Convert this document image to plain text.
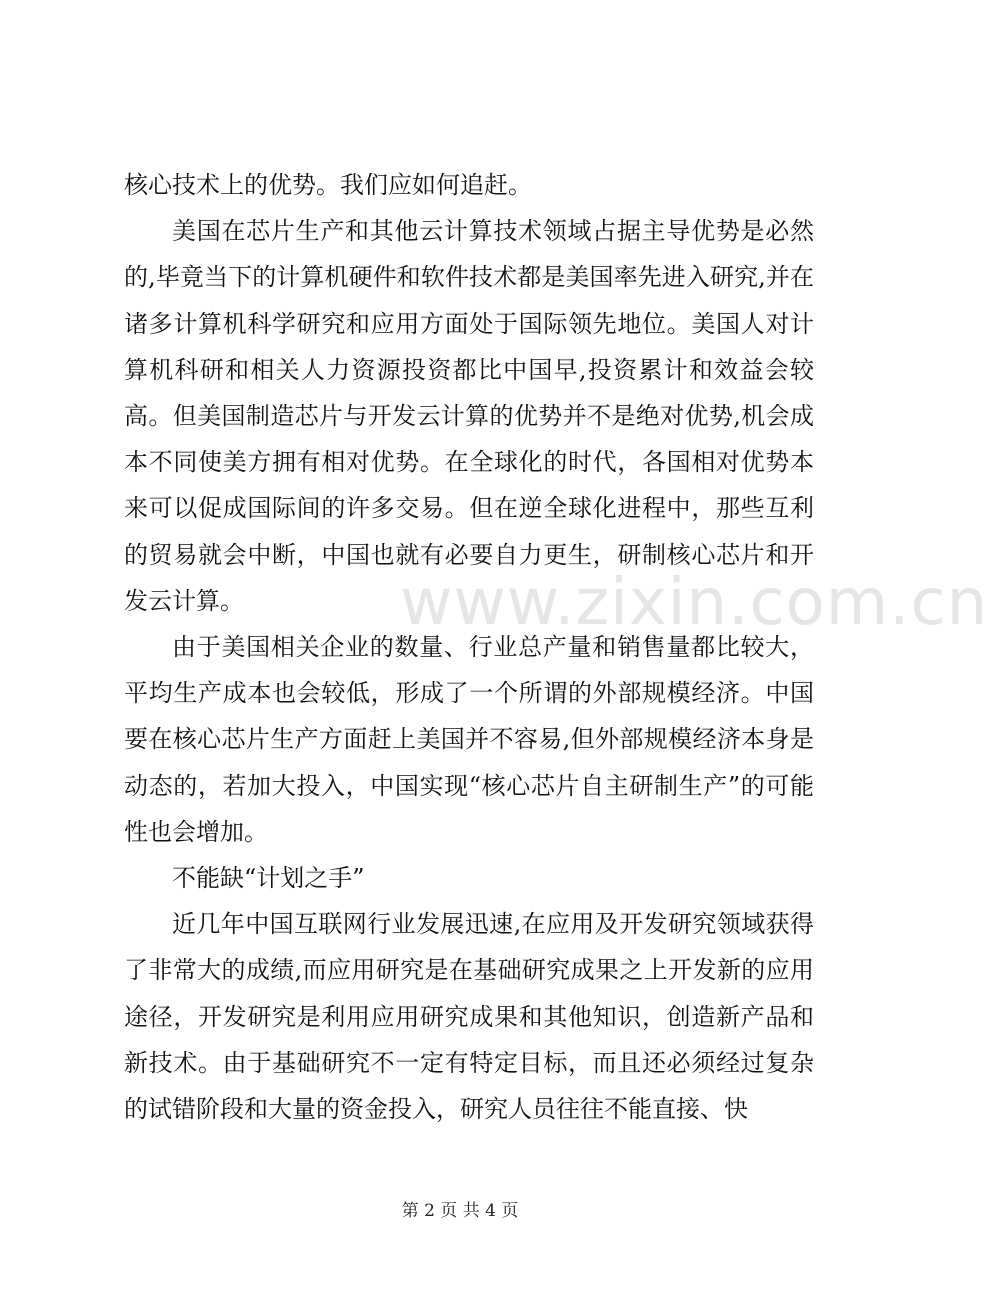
www.zixin.com.cn

核心技术上的优势。我们应如何追赶。

美国在芯片生产和其他云计算技术领域占据主导优势是必然的,毕竟当下的计算机硬件和软件技术都是美国率先进入研究,并在诸多计算机科学研究和应用方面处于国际领先地位。美国人对计算机科研和相关人力资源投资都比中国早,投资累计和效益会较高。但美国制造芯片与开发云计算的优势并不是绝对优势,机会成本不同使美方拥有相对优势。在全球化的时代，各国相对优势本来可以促成国际间的许多交易。但在逆全球化进程中，那些互利的贸易就会中断，中国也就有必要自力更生，研制核心芯片和开发云计算。

由于美国相关企业的数量、行业总产量和销售量都比较大，平均生产成本也会较低，形成了一个所谓的外部规模经济。中国要在核心芯片生产方面赶上美国并不容易,但外部规模经济本身是动态的，若加大投入，中国实现“核心芯片自主研制生产”的可能性也会增加。

不能缺“计划之手”

近几年中国互联网行业发展迅速,在应用及开发研究领域获得了非常大的成绩,而应用研究是在基础研究成果之上开发新的应用途径，开发研究是利用应用研究成果和其他知识，创造新产品和新技术。由于基础研究不一定有特定目标，而且还必须经过复杂的试错阶段和大量的资金投入，研究人员往往不能直接、快

第 2 页 共 4 页
